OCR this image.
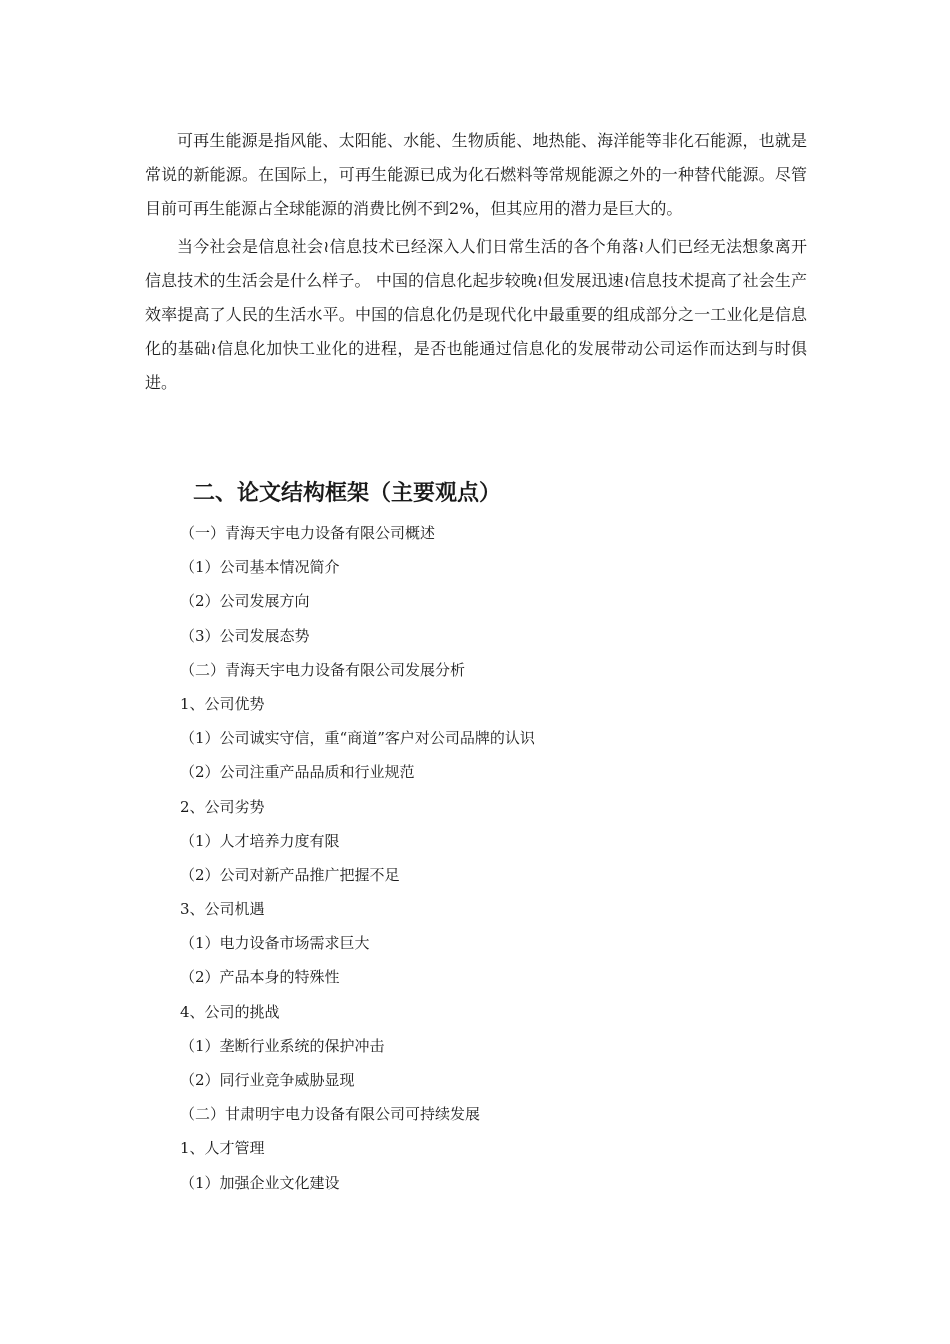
可再生能源是指风能、太阳能、水能、生物质能、地热能、海洋能等非化石能源，也就是常说的新能源。在国际上，可再生能源已成为化石燃料等常规能源之外的一种替代能源。尽管目前可再生能源占全球能源的消费比例不到2%，但其应用的潜力是巨大的。

当今社会是信息社会≀信息技术已经深入人们日常生活的各个角落≀人们已经无法想象离开信息技术的生活会是什么样子。 中国的信息化起步较晚≀但发展迅速≀信息技术提高了社会生产效率提高了人民的生活水平。中国的信息化仍是现代化中最重要的组成部分之一工业化是信息化的基础≀信息化加快工业化的进程，是否也能通过信息化的发展带动公司运作而达到与时俱进。

二、论文结构框架（主要观点）
（一）青海天宇电力设备有限公司概述
（1）公司基本情况简介
（2）公司发展方向
（3）公司发展态势
（二）青海天宇电力设备有限公司发展分析
1、公司优势
（1）公司诚实守信，重“商道”客户对公司品牌的认识
（2）公司注重产品品质和行业规范
2、公司劣势
（1）人才培养力度有限
（2）公司对新产品推广把握不足
3、公司机遇
（1）电力设备市场需求巨大
（2）产品本身的特殊性
4、公司的挑战
（1）垄断行业系统的保护冲击
（2）同行业竞争威胁显现
（二）甘肃明宇电力设备有限公司可持续发展
1、人才管理
（1）加强企业文化建设
